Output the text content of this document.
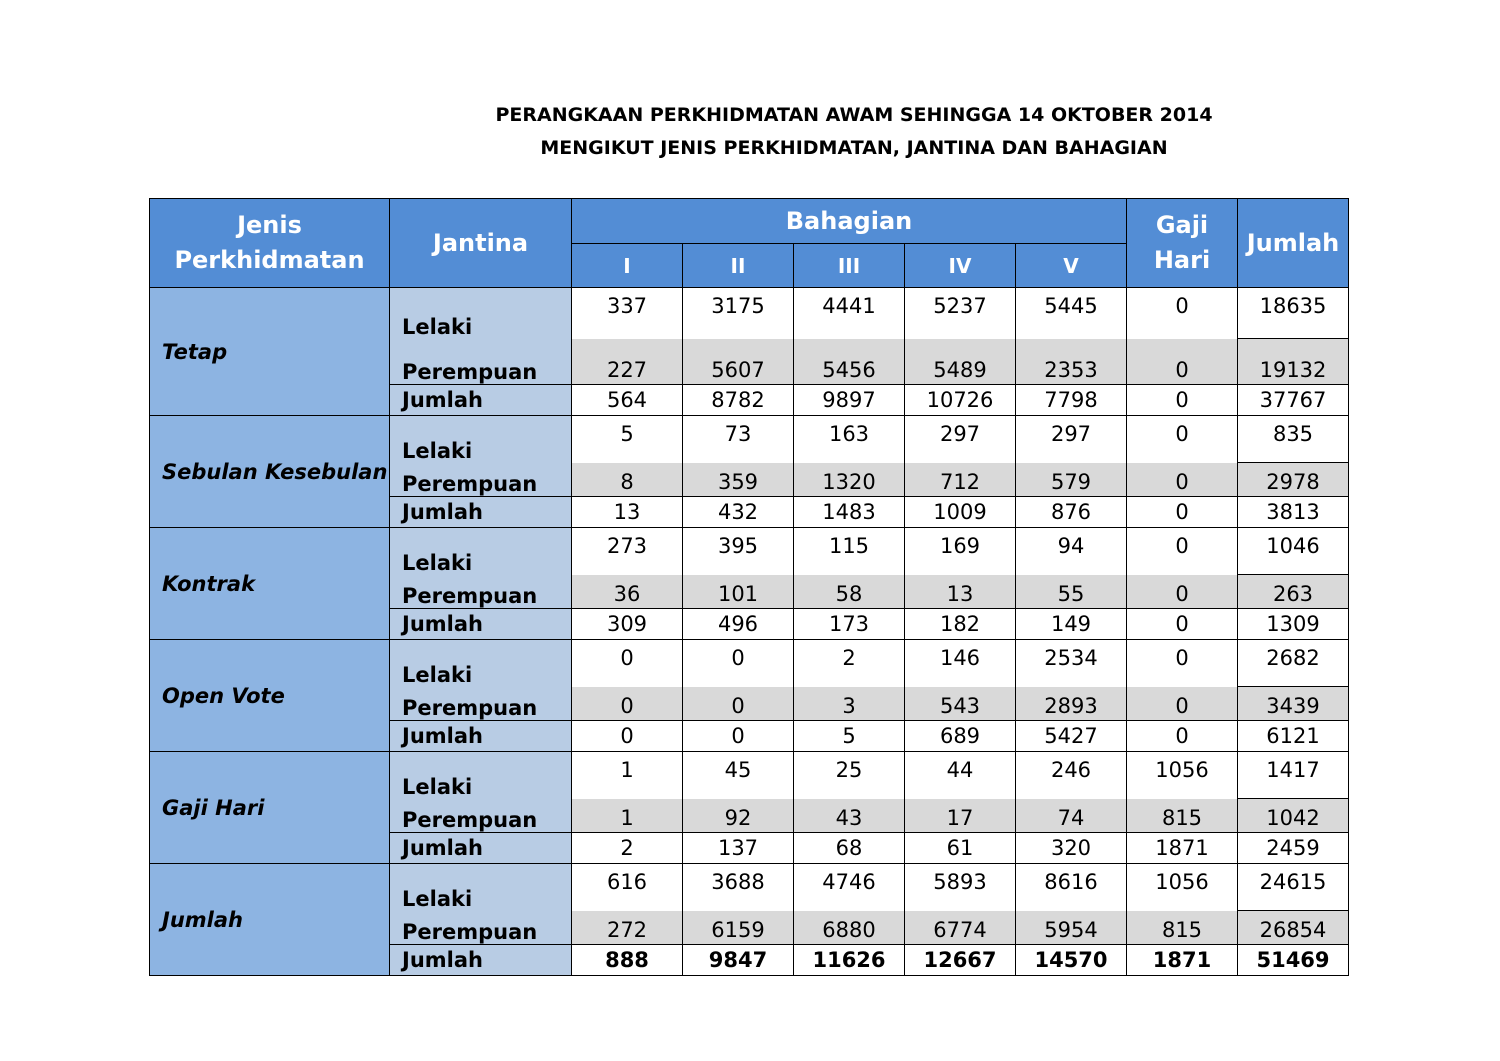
PERANGKAAN PERKHIDMATAN AWAM SEHINGGA 14 OKTOBER 2014
MENGIKUT JENIS PERKHIDMATAN, JANTINA DAN BAHAGIAN
Jenis Perkhidmatan	Jantina	Bahagian					Gaji Hari	Jumlah
		I	II	III	IV	V		
Tetap	Lelaki	337	3175	4441	5237	5445	0	18635
	Perempuan	227	5607	5456	5489	2353	0	19132
	Jumlah	564	8782	9897	10726	7798	0	37767
Sebulan Kesebulan	Lelaki	5	73	163	297	297	0	835
	Perempuan	8	359	1320	712	579	0	2978
	Jumlah	13	432	1483	1009	876	0	3813
Kontrak	Lelaki	273	395	115	169	94	0	1046
	Perempuan	36	101	58	13	55	0	263
	Jumlah	309	496	173	182	149	0	1309
Open Vote	Lelaki	0	0	2	146	2534	0	2682
	Perempuan	0	0	3	543	2893	0	3439
	Jumlah	0	0	5	689	5427	0	6121
Gaji Hari	Lelaki	1	45	25	44	246	1056	1417
	Perempuan	1	92	43	17	74	815	1042
	Jumlah	2	137	68	61	320	1871	2459
Jumlah	Lelaki	616	3688	4746	5893	8616	1056	24615
	Perempuan	272	6159	6880	6774	5954	815	26854
	Jumlah	888	9847	11626	12667	14570	1871	51469
